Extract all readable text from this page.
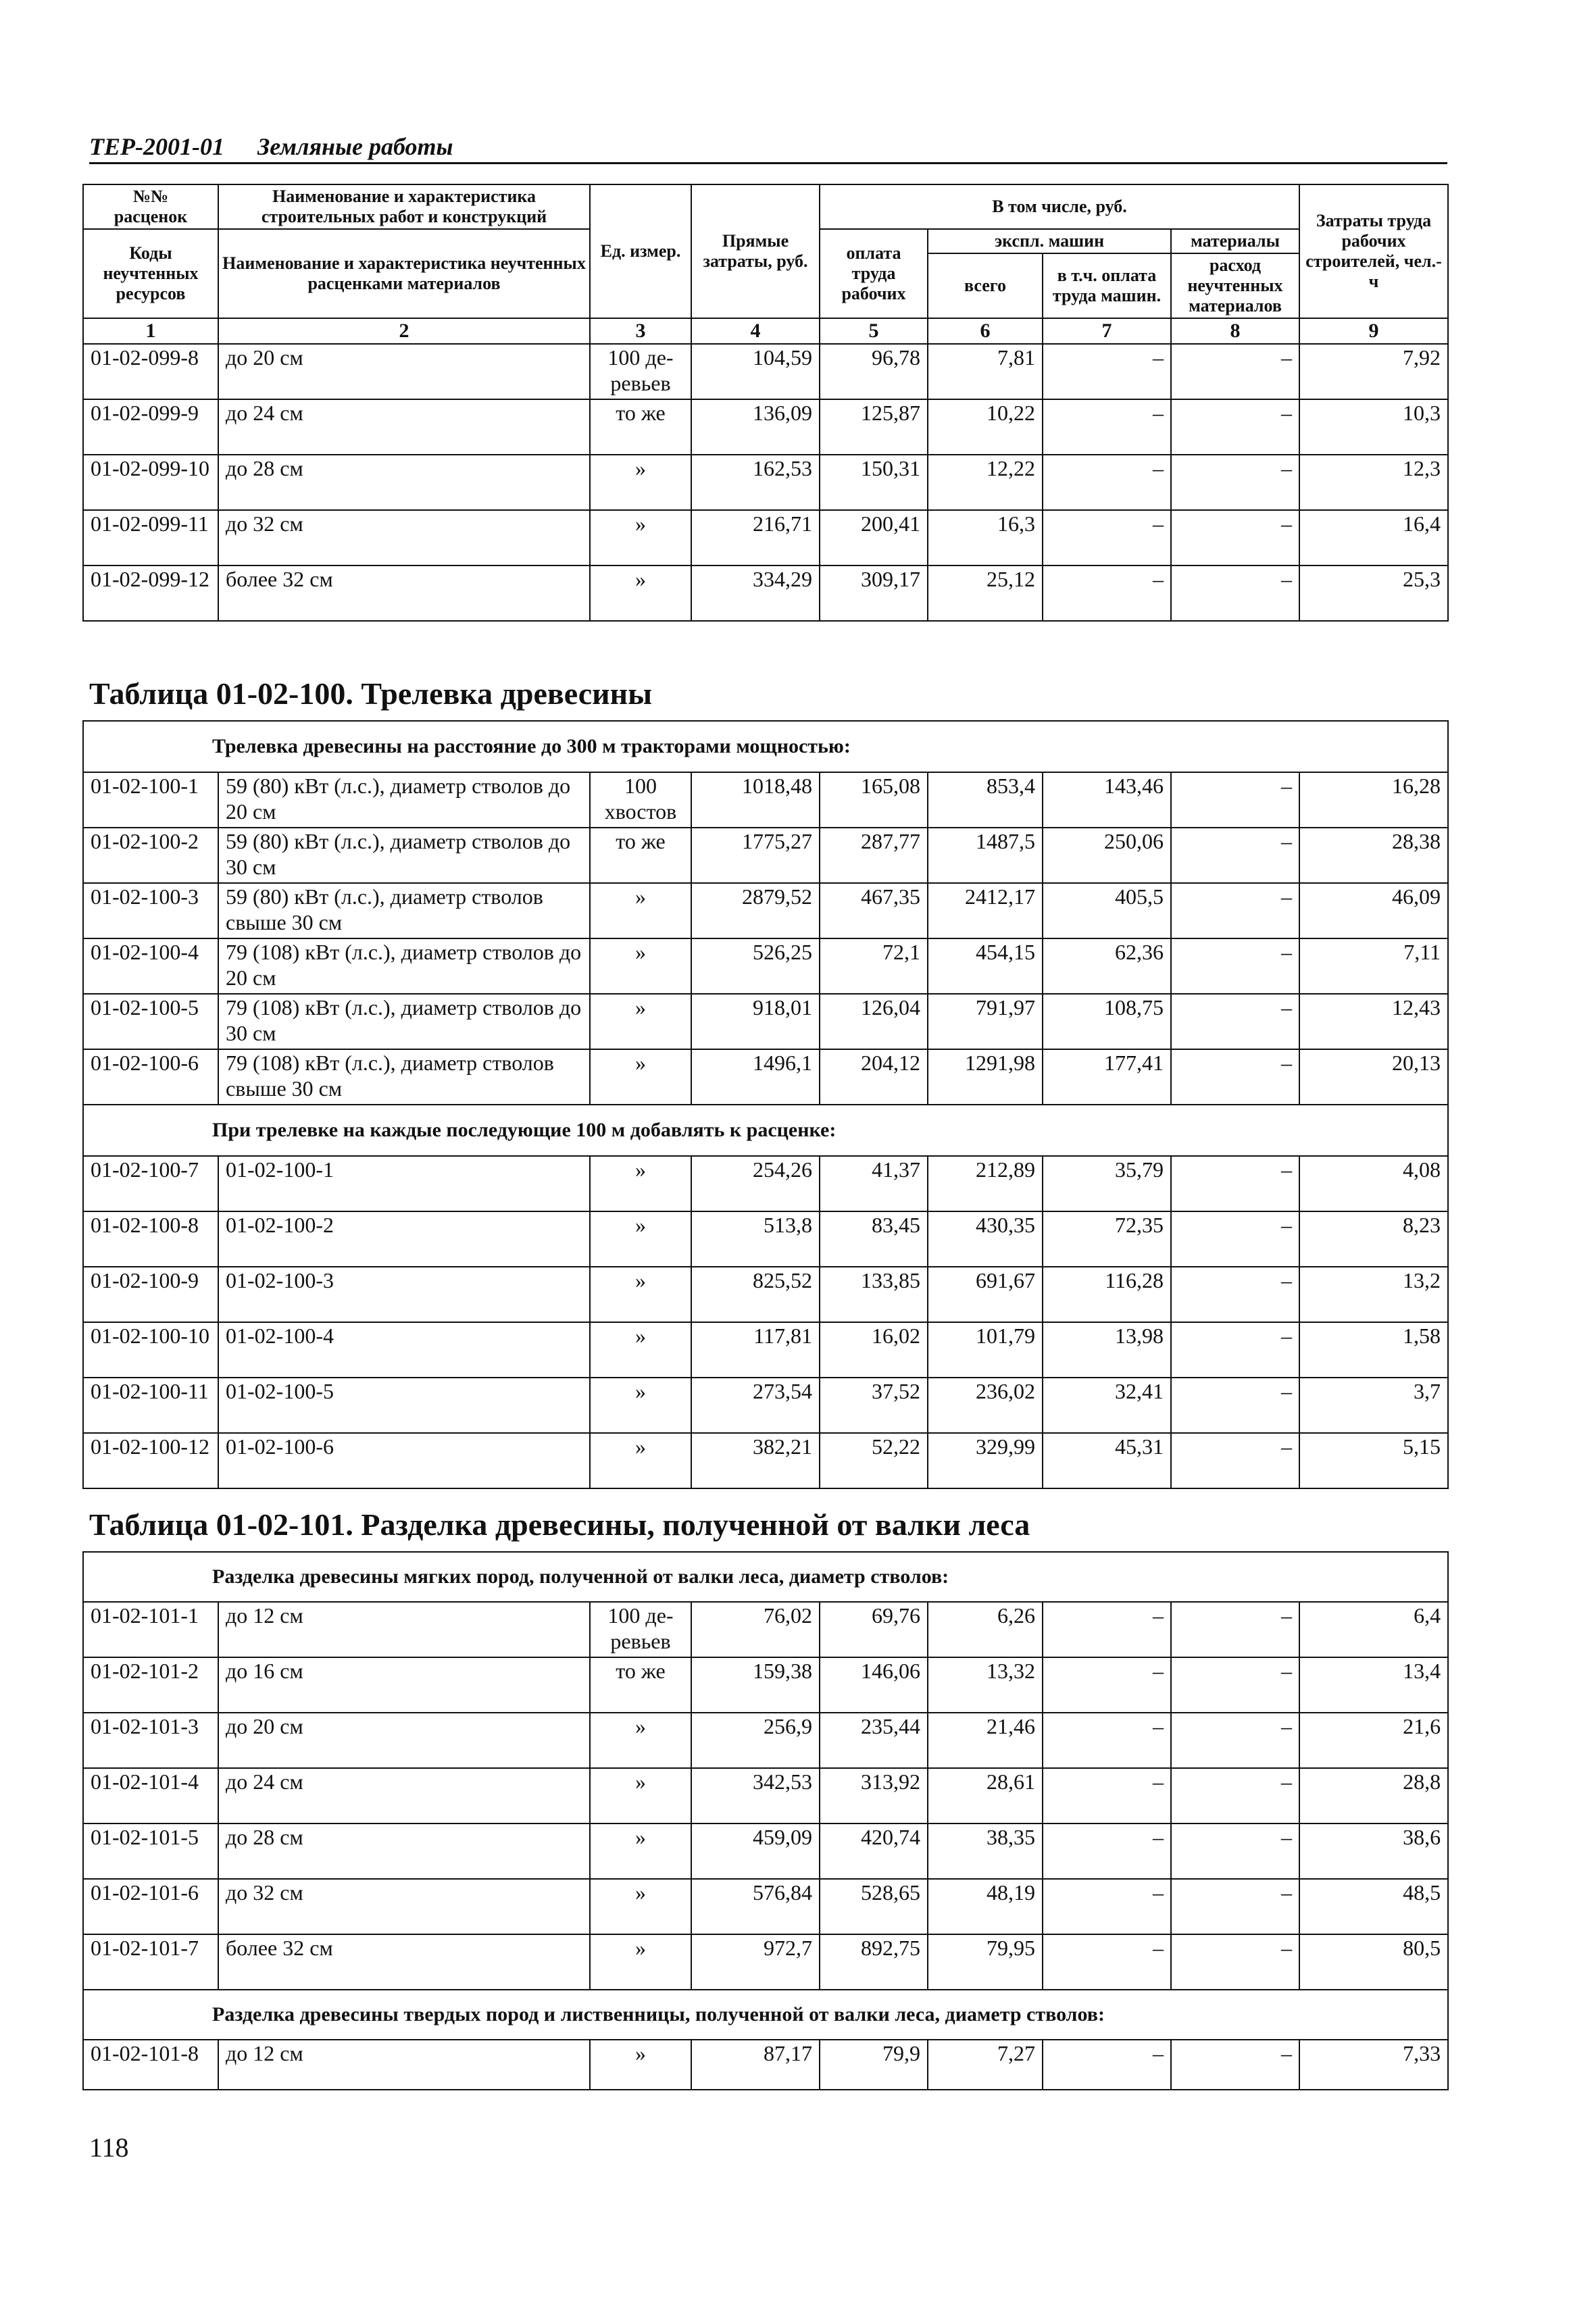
ТЕР-2001-01 Земляные работы
№№
расценок	Наименование и характеристика строительных работ и конструкций	Ед. измер.	Прямые затраты, руб.	В том числе, руб.				Затраты труда рабочих строителей, чел.-ч
Коды неучтенных ресурсов	Наименование и характеристика неучтенных расценками материалов			оплата труда рабочих	экспл. машин		материалы	
					всего	в т.ч. оплата труда машин.	расход неучтенных материалов	
1	2	3	4	5	6	7	8	9
01-02-099-8	до 20 см	100 де-ревьев	104,59	96,78	7,81	–	–	7,92
01-02-099-9	до 24 см	то же	136,09	125,87	10,22	–	–	10,3
01-02-099-10	до 28 см	»	162,53	150,31	12,22	–	–	12,3
01-02-099-11	до 32 см	»	216,71	200,41	16,3	–	–	16,4
01-02-099-12	более 32 см	»	334,29	309,17	25,12	–	–	25,3
Таблица 01-02-100. Трелевка древесины
Трелевка древесины на расстояние до 300 м тракторами мощностью:								
01-02-100-1	59 (80) кВт (л.с.), диаметр стволов до 20 см	100 хвостов	1018,48	165,08	853,4	143,46	–	16,28
01-02-100-2	59 (80) кВт (л.с.), диаметр стволов до 30 см	то же	1775,27	287,77	1487,5	250,06	–	28,38
01-02-100-3	59 (80) кВт (л.с.), диаметр стволов свыше 30 см	»	2879,52	467,35	2412,17	405,5	–	46,09
01-02-100-4	79 (108) кВт (л.с.), диаметр стволов до 20 см	»	526,25	72,1	454,15	62,36	–	7,11
01-02-100-5	79 (108) кВт (л.с.), диаметр стволов до 30 см	»	918,01	126,04	791,97	108,75	–	12,43
01-02-100-6	79 (108) кВт (л.с.), диаметр стволов свыше 30 см	»	1496,1	204,12	1291,98	177,41	–	20,13
При трелевке на каждые последующие 100 м добавлять к расценке:								
01-02-100-7	01-02-100-1	»	254,26	41,37	212,89	35,79	–	4,08
01-02-100-8	01-02-100-2	»	513,8	83,45	430,35	72,35	–	8,23
01-02-100-9	01-02-100-3	»	825,52	133,85	691,67	116,28	–	13,2
01-02-100-10	01-02-100-4	»	117,81	16,02	101,79	13,98	–	1,58
01-02-100-11	01-02-100-5	»	273,54	37,52	236,02	32,41	–	3,7
01-02-100-12	01-02-100-6	»	382,21	52,22	329,99	45,31	–	5,15
Таблица 01-02-101. Разделка древесины, полученной от валки леса
Разделка древесины мягких пород, полученной от валки леса, диаметр стволов:								
01-02-101-1	до 12 см	100 де-ревьев	76,02	69,76	6,26	–	–	6,4
01-02-101-2	до 16 см	то же	159,38	146,06	13,32	–	–	13,4
01-02-101-3	до 20 см	»	256,9	235,44	21,46	–	–	21,6
01-02-101-4	до 24 см	»	342,53	313,92	28,61	–	–	28,8
01-02-101-5	до 28 см	»	459,09	420,74	38,35	–	–	38,6
01-02-101-6	до 32 см	»	576,84	528,65	48,19	–	–	48,5
01-02-101-7	более 32 см	»	972,7	892,75	79,95	–	–	80,5
Разделка древесины твердых пород и лиственницы, полученной от валки леса, диаметр стволов:								
01-02-101-8	до 12 см	»	87,17	79,9	7,27	–	–	7,33
118
